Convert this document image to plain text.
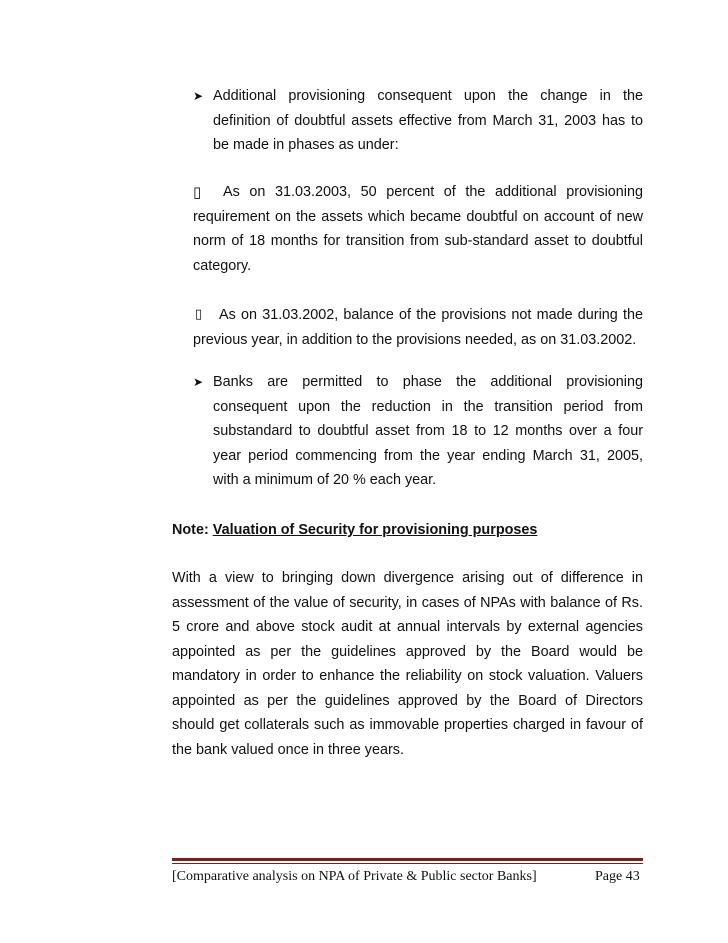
➤ Additional provisioning consequent upon the change in the definition of doubtful assets effective from March 31, 2003 has to be made in phases as under:

▯	As on 31.03.2003, 50 percent of the additional provisioning requirement on the assets which became doubtful on account of new norm of 18 months for transition from sub-standard asset to doubtful category.

▯	As on 31.03.2002, balance of the provisions not made during the previous year, in addition to the provisions needed, as on 31.03.2002.

➤ Banks are permitted to phase the additional provisioning consequent upon the reduction in the transition period from substandard to doubtful asset from 18 to 12 months over a four year period commencing from the year ending March 31, 2005, with a minimum of 20 % each year.

Note: Valuation of Security for provisioning purposes

With a view to bringing down divergence arising out of difference in assessment of the value of security, in cases of NPAs with balance of Rs. 5 crore and above stock audit at annual intervals by external agencies appointed as per the guidelines approved by the Board would be mandatory in order to enhance the reliability on stock valuation. Valuers appointed as per the guidelines approved by the Board of Directors should get collaterals such as immovable properties charged in favour of the bank valued once in three years.

[Comparative analysis on NPA of Private & Public sector Banks]	Page 43
